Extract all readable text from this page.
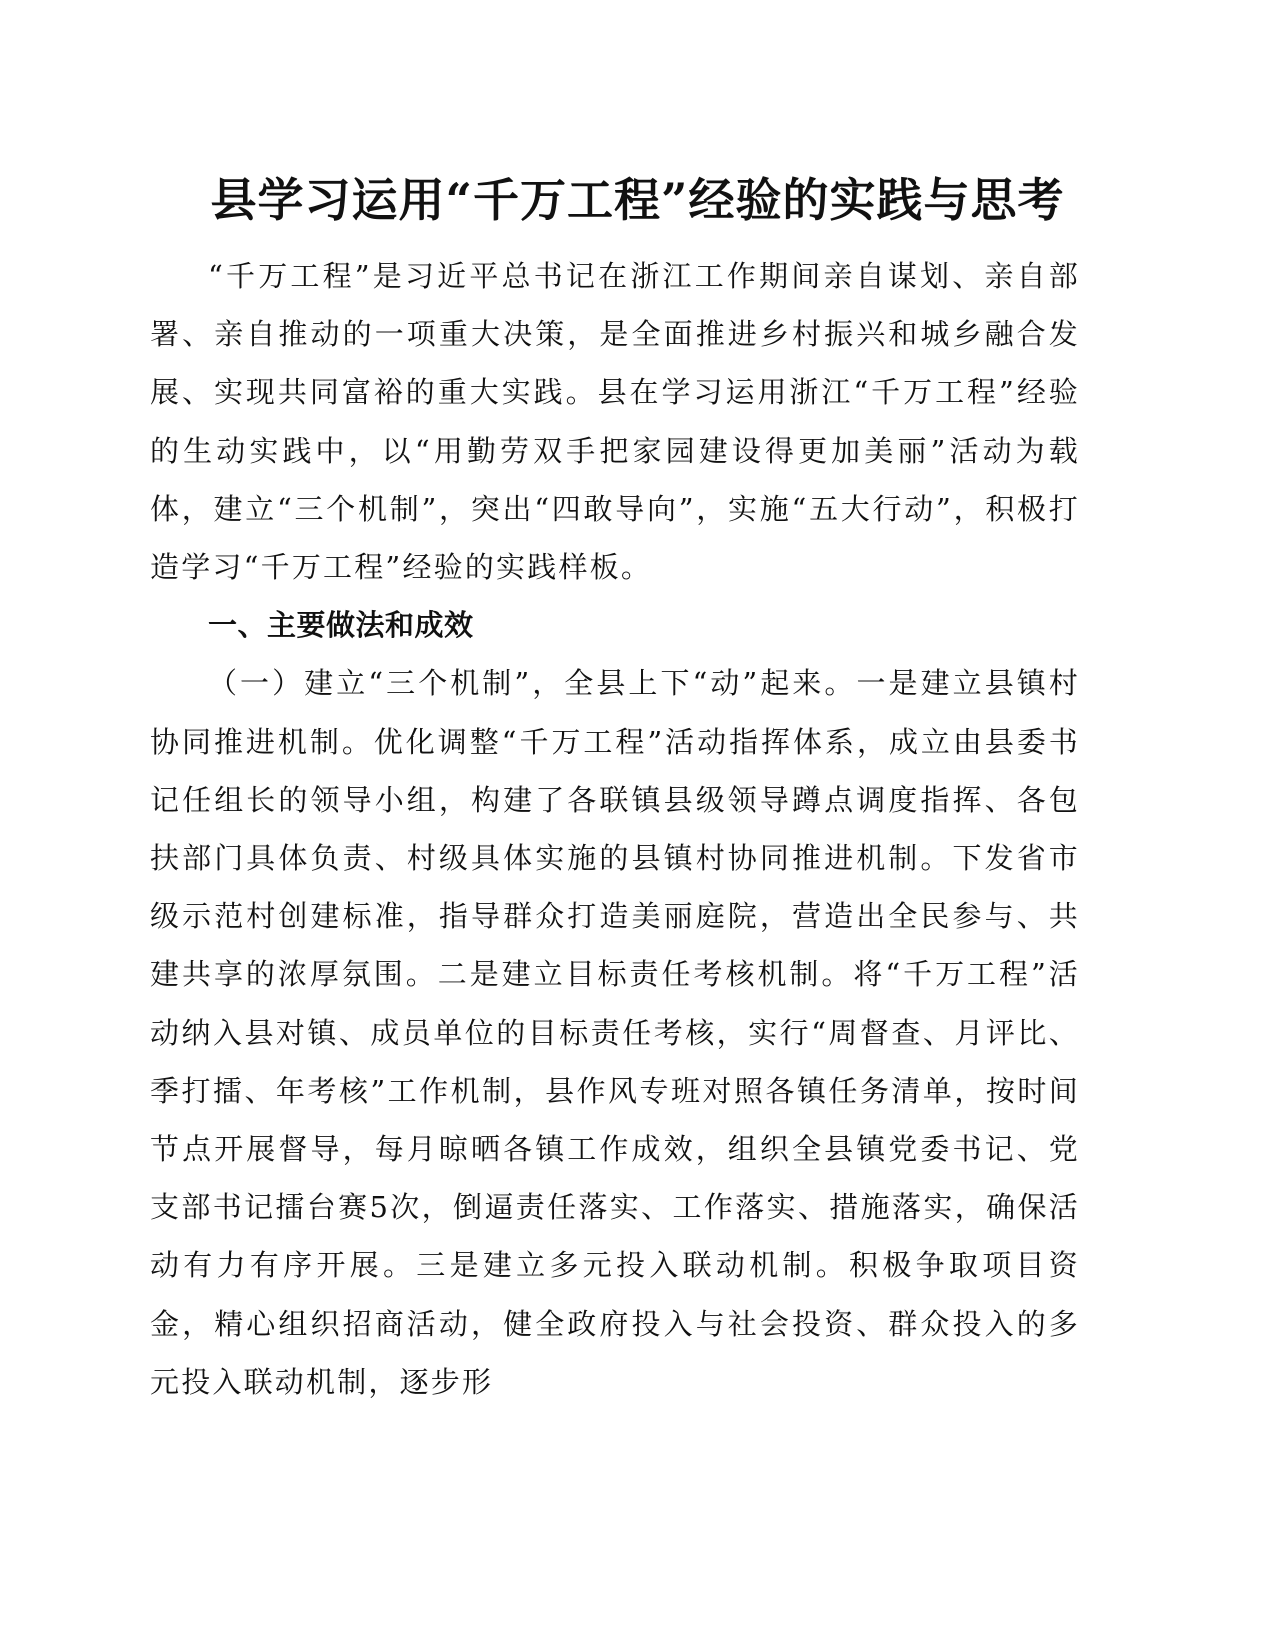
县学习运用“千万工程”经验的实践与思考

“千万工程”是习近平总书记在浙江工作期间亲自谋划、亲自部署、亲自推动的一项重大决策，是全面推进乡村振兴和城乡融合发展、实现共同富裕的重大实践。县在学习运用浙江“千万工程”经验的生动实践中，以“用勤劳双手把家园建设得更加美丽”活动为载体，建立“三个机制”，突出“四敢导向”，实施“五大行动”，积极打造学习“千万工程”经验的实践样板。

一、主要做法和成效

（一）建立“三个机制”，全县上下“动”起来。一是建立县镇村协同推进机制。优化调整“千万工程”活动指挥体系，成立由县委书记任组长的领导小组，构建了各联镇县级领导蹲点调度指挥、各包扶部门具体负责、村级具体实施的县镇村协同推进机制。下发省市级示范村创建标准，指导群众打造美丽庭院，营造出全民参与、共建共享的浓厚氛围。二是建立目标责任考核机制。将“千万工程”活动纳入县对镇、成员单位的目标责任考核，实行“周督查、月评比、季打擂、年考核”工作机制，县作风专班对照各镇任务清单，按时间节点开展督导，每月晾晒各镇工作成效，组织全县镇党委书记、党支部书记擂台赛5次，倒逼责任落实、工作落实、措施落实，确保活动有力有序开展。三是建立多元投入联动机制。积极争取项目资金，精心组织招商活动，健全政府投入与社会投资、群众投入的多元投入联动机制，逐步形
